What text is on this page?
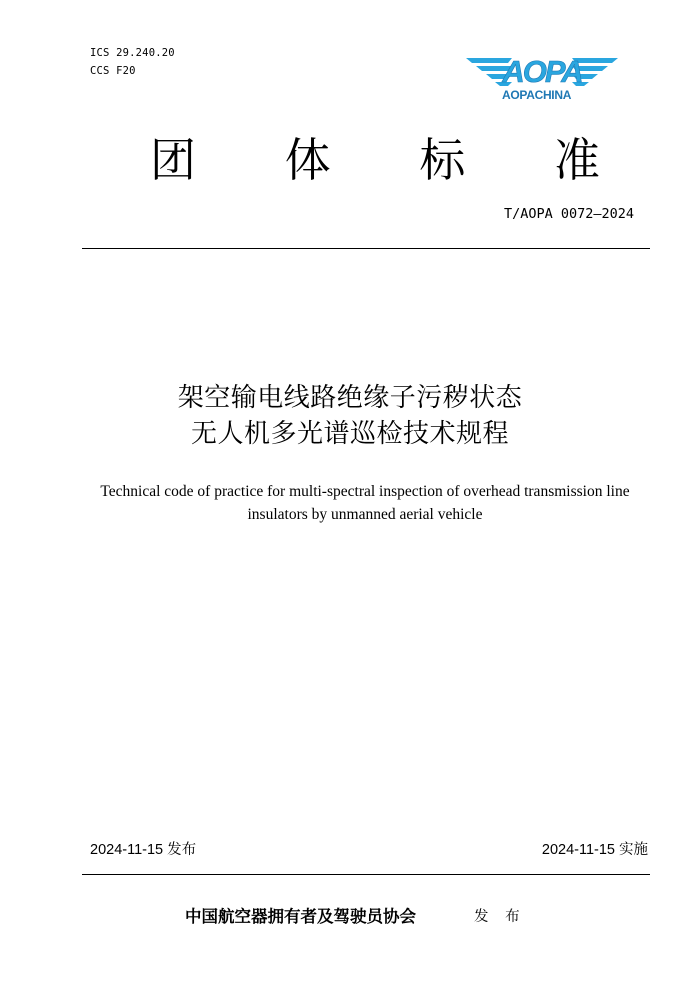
ICS 29.240.20
CCS F20	AOPA
AOPACHINA
团 体 标 准
T/AOPA 0072—2024
架空输电线路绝缘子污秽状态
无人机多光谱巡检技术规程
Technical code of practice for multi-spectral inspection of overhead transmission line
insulators by unmanned aerial vehicle
2024-11-15 发布	2024-11-15 实施
中国航空器拥有者及驾驶员协会	发 布
